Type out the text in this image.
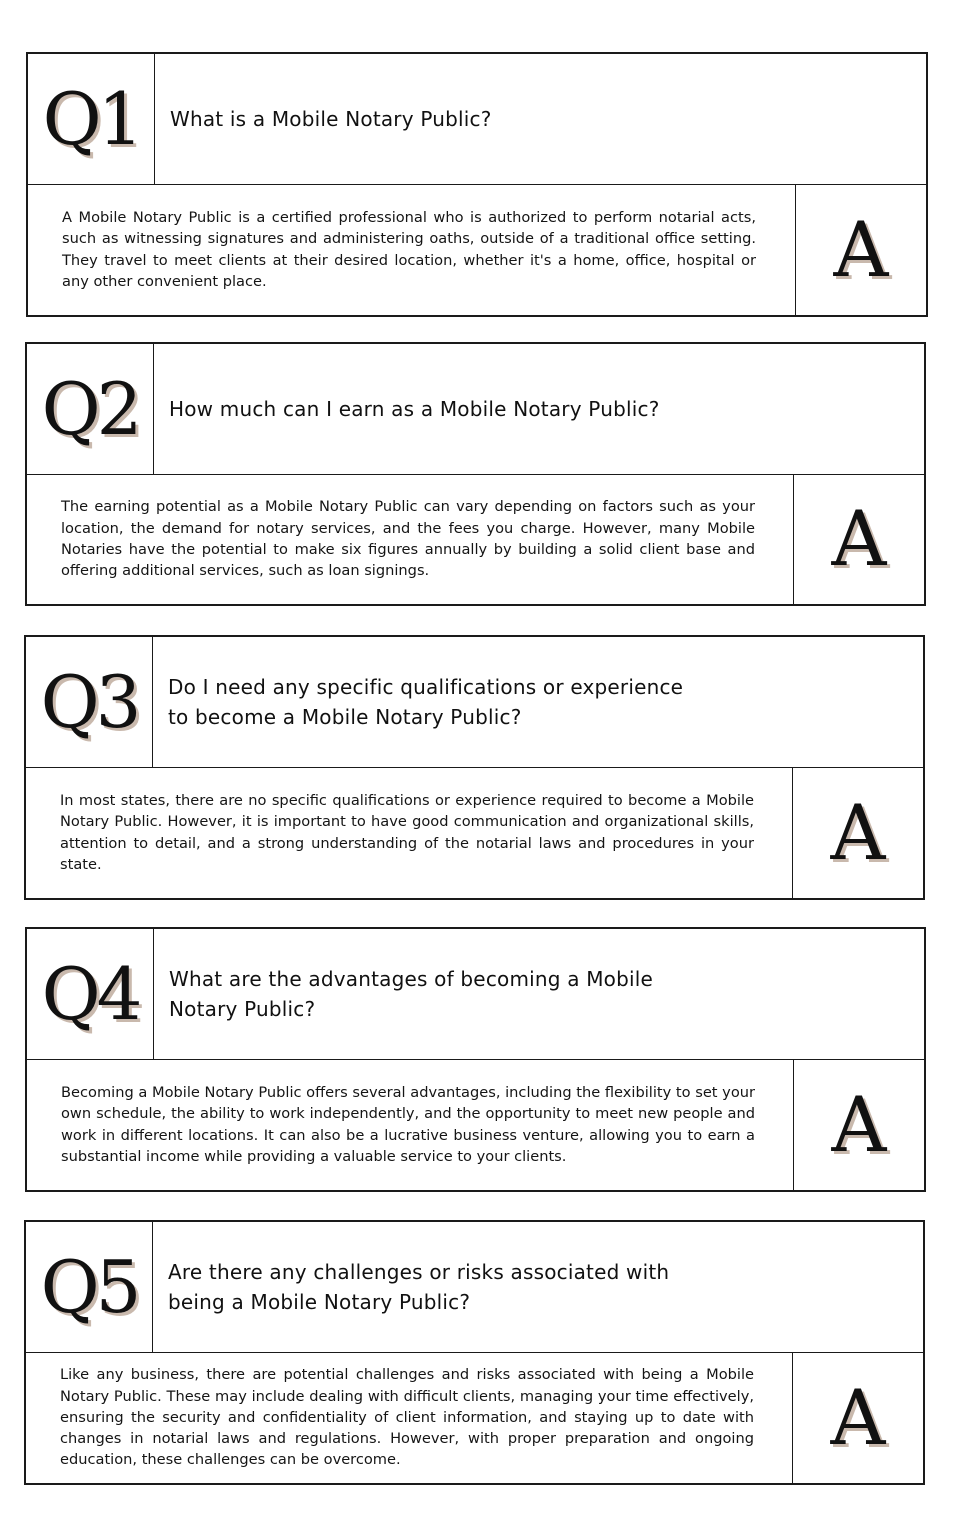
Q1 What is a Mobile Notary Public?
A Mobile Notary Public is a certified professional who is authorized to perform notarial acts, such as witnessing signatures and administering oaths, outside of a traditional office setting. They travel to meet clients at their desired location, whether it's a home, office, hospital or any other convenient place.	A
Q2 How much can I earn as a Mobile Notary Public?
The earning potential as a Mobile Notary Public can vary depending on factors such as your location, the demand for notary services, and the fees you charge. However, many Mobile Notaries have the potential to make six figures annually by building a solid client base and offering additional services, such as loan signings.	A
Q3 Do I need any specific qualifications or experience to become a Mobile Notary Public?
In most states, there are no specific qualifications or experience required to become a Mobile Notary Public. However, it is important to have good communication and organizational skills, attention to detail, and a strong understanding of the notarial laws and procedures in your state.	A
Q4 What are the advantages of becoming a Mobile Notary Public?
Becoming a Mobile Notary Public offers several advantages, including the flexibility to set your own schedule, the ability to work independently, and the opportunity to meet new people and work in different locations. It can also be a lucrative business venture, allowing you to earn a substantial income while providing a valuable service to your clients.	A
Q5 Are there any challenges or risks associated with being a Mobile Notary Public?
Like any business, there are potential challenges and risks associated with being a Mobile Notary Public. These may include dealing with difficult clients, managing your time effectively, ensuring the security and confidentiality of client information, and staying up to date with changes in notarial laws and regulations. However, with proper preparation and ongoing education, these challenges can be overcome.	A
